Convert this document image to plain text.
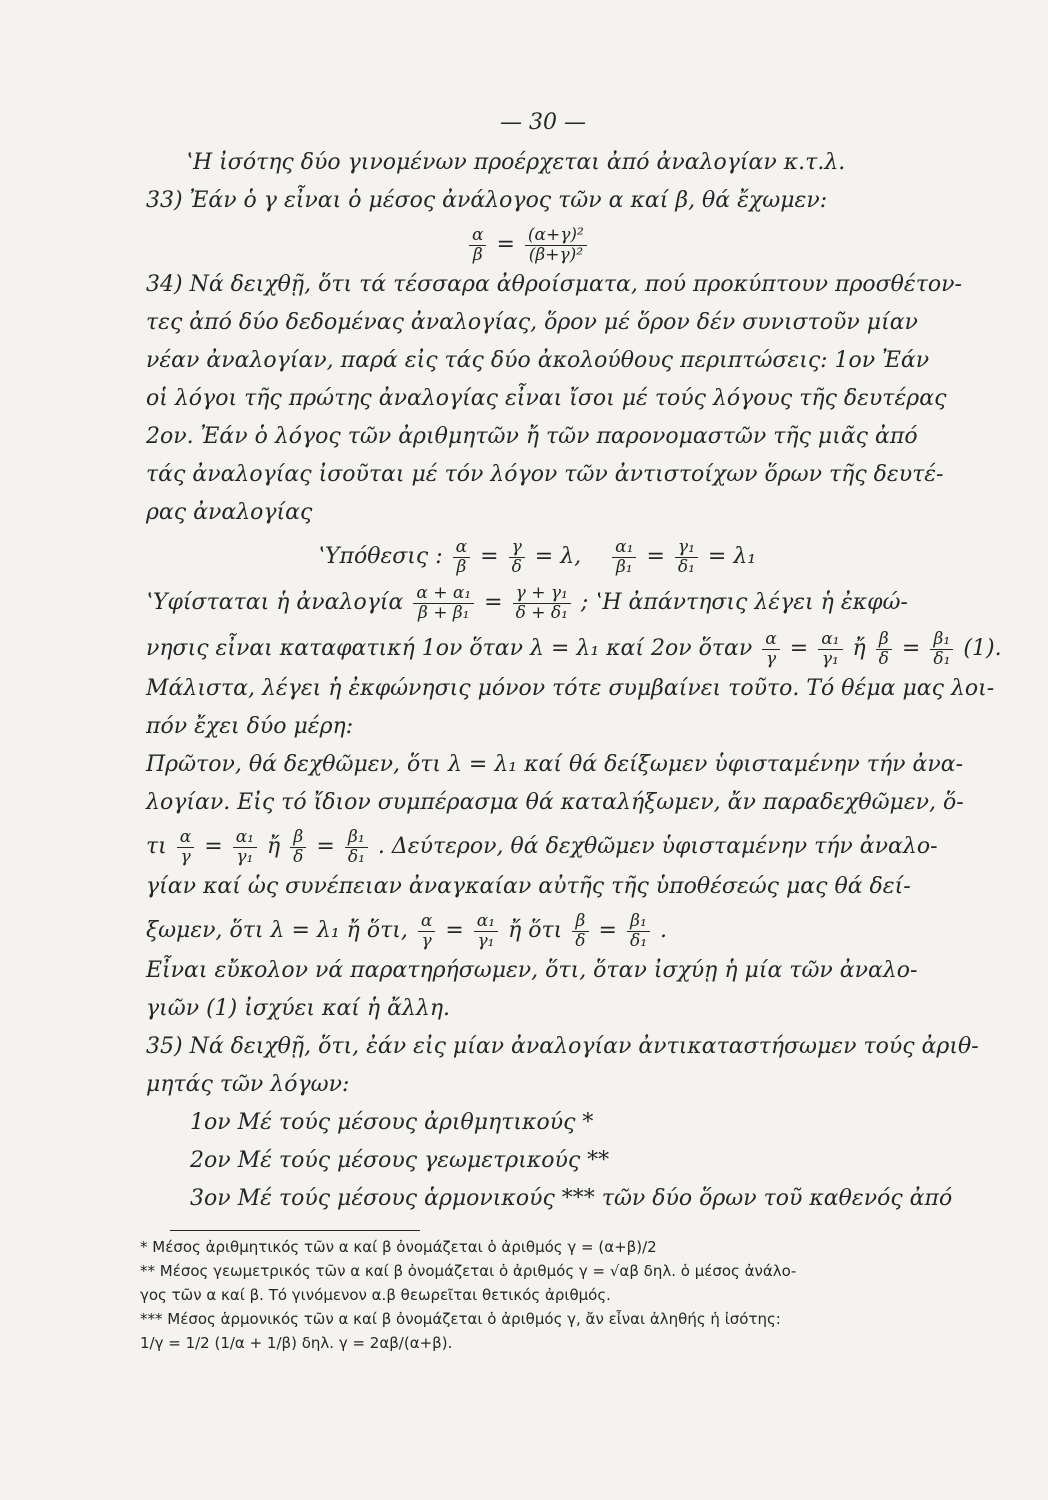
— 30 —
ʽΗ ἰσότης δύο γινομένων προέρχεται ἀπό ἀναλογίαν κ.τ.λ.
33) Ἐάν ὁ γ εἶναι ὁ μέσος ἀνάλογος τῶν α καί β, θά ἔχωμεν:
$\frac{\alpha}{\beta} = \frac{\text{(α+γ)²}}{\text{(β+γ)²}}$
34) Νά δειχθῇ, ὅτι τά τέσσαρα ἀθροίσματα, πού προκύπτουν προσθέτον-
τες ἀπό δύο δεδομένας ἀναλογίας, ὅρον μέ ὅρον δέν συνιστοῦν μίαν
νέαν ἀναλογίαν, παρά εἰς τάς δύο ἀκολούθους περιπτώσεις: 1ον Ἐάν
οἱ λόγοι τῆς πρώτης ἀναλογίας εἶναι ἴσοι μέ τούς λόγους τῆς δευτέρας
2ον. Ἐάν ὁ λόγος τῶν ἀριθμητῶν ἤ τῶν παρονομαστῶν τῆς μιᾶς ἀπό
τάς ἀναλογίας ἰσοῦται μέ τόν λόγον τῶν ἀντιστοίχων ὅρων τῆς δευτέ-
ρας ἀναλογίας
ʽΥπόθεσις : $\frac{\alpha}{\beta} = \frac{\gamma}{\delta} = \lambda$, $\frac{\text{α₁}}{\text{β₁}} = \frac{\text{γ₁}}{\text{δ₁}} = \lambda_1$
ʽΥφίσταται ἡ ἀναλογία $\frac{\text{α + α₁}}{\text{β + β₁}} = \frac{\text{γ + γ₁}}{\text{δ + δ₁}}$ ; ʽΗ ἀπάντησις λέγει ἡ ἐκφώ-
νησις εἶναι καταφατική 1ον ὅταν λ = λ₁ καί 2ον ὅταν $\frac{\alpha}{\gamma} = \frac{\text{α₁}}{\text{γ₁}}$ ἤ $\frac{\beta}{\delta} = \frac{\text{β₁}}{\text{δ₁}} (1)$.
Μάλιστα, λέγει ἡ ἐκφώνησις μόνον τότε συμβαίνει τοῦτο. Τό θέμα μας λοι-
πόν ἔχει δύο μέρη:
Πρῶτον, θά δεχθῶμεν, ὅτι λ = λ₁ καί θά δείξωμεν ὑφισταμένην τήν ἀνα-
λογίαν. Εἰς τό ἴδιον συμπέρασμα θά καταλήξωμεν, ἄν παραδεχθῶμεν, ὅ-
τι $\frac{\alpha}{\gamma} = \frac{\text{α₁}}{\text{γ₁}}$ ἤ $\frac{\beta}{\delta} = \frac{\text{β₁}}{\text{δ₁}}$ . Δεύτερον, θά δεχθῶμεν ὑφισταμένην τήν ἀναλο-
γίαν καί ὡς συνέπειαν ἀναγκαίαν αὐτῆς τῆς ὑποθέσεώς μας θά δεί-
ξωμεν, ὅτι λ = λ₁ ἤ ὅτι, $\frac{\alpha}{\gamma} = \frac{\text{α₁}}{\text{γ₁}}$ ἤ ὅτι $\frac{\beta}{\delta} = \frac{\text{β₁}}{\text{δ₁}}$ .
Εἶναι εὔκολον νά παρατηρήσωμεν, ὅτι, ὅταν ἰσχύῃ ἡ μία τῶν ἀναλο-
γιῶν (1) ἰσχύει καί ἡ ἄλλη.
35) Νά δειχθῇ, ὅτι, ἐάν εἰς μίαν ἀναλογίαν ἀντικαταστήσωμεν τούς ἀριθ-
μητάς τῶν λόγων:
1ον Μέ τούς μέσους ἀριθμητικούς *
2ον Μέ τούς μέσους γεωμετρικούς **
3ον Μέ τούς μέσους ἁρμονικούς *** τῶν δύο ὅρων τοῦ καθενός ἀπό
* Μέσος ἀριθμητικός τῶν α καί β ὀνομάζεται ὁ ἀριθμός γ = (α+β)/2
** Μέσος γεωμετρικός τῶν α καί β ὀνομάζεται ὁ ἀριθμός γ = √αβ δηλ. ὁ μέσος ἀνάλο-
γος τῶν α καί β. Τό γινόμενον α.β θεωρεῖται θετικός ἀριθμός.
*** Μέσος ἁρμονικός τῶν α καί β ὀνομάζεται ὁ ἀριθμός γ, ἄν εἶναι ἀληθής ἡ ἰσότης:
1/γ = 1/2 (1/α + 1/β) δηλ. γ = 2αβ/(α+β).
